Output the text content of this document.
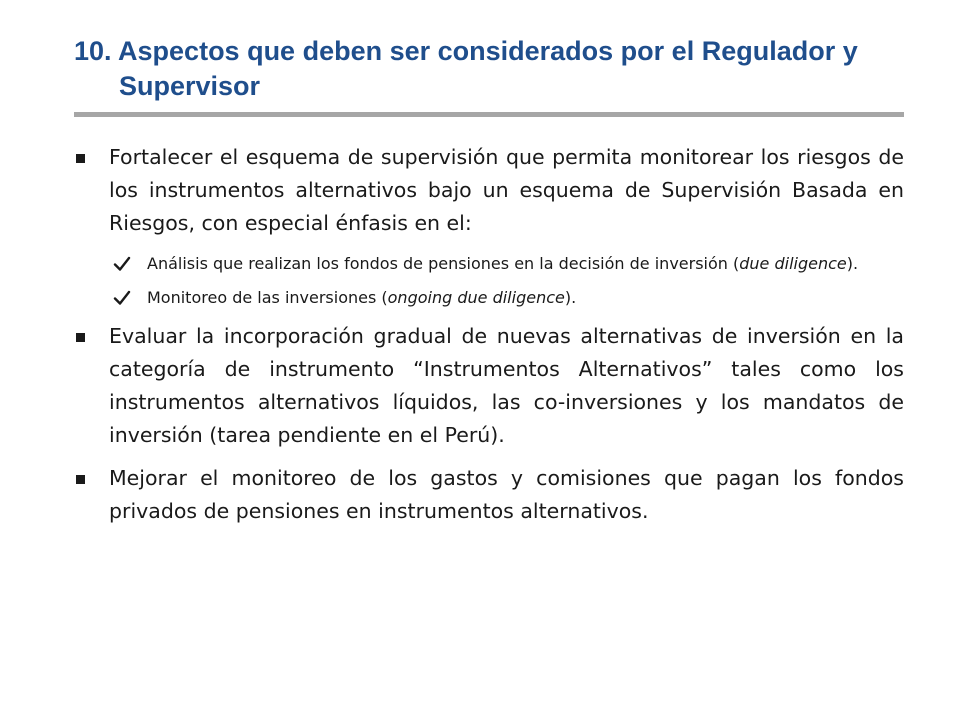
10. Aspectos que deben ser considerados por el Regulador y
Supervisor
Fortalecer el esquema de supervisión que permita monitorear los riesgos de los instrumentos alternativos bajo un esquema de Supervisión Basada en Riesgos, con especial énfasis en el:
Análisis que realizan los fondos de pensiones en la decisión de inversión (due diligence).
Monitoreo de las inversiones (ongoing due diligence).
Evaluar la incorporación gradual de nuevas alternativas de inversión en la categoría de instrumento “Instrumentos Alternativos” tales como los instrumentos alternativos líquidos, las co-inversiones y los mandatos de inversión (tarea pendiente en el Perú).
Mejorar el monitoreo de los gastos y comisiones que pagan los fondos privados de pensiones en instrumentos alternativos.
